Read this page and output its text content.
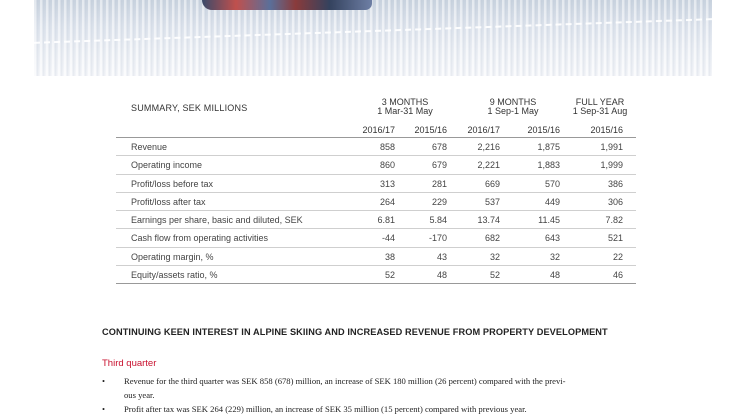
SUMMARY, SEK MILLIONS
3 MONTHS
1 Mar-31 May
9 MONTHS
1 Sep-1 May
FULL YEAR
1 Sep-31 Aug
2016/17	2015/16	2016/17	2015/16	2015/16
Revenue	858	678	2,216	1,875	1,991
Operating income	860	679	2,221	1,883	1,999
Profit/loss before tax	313	281	669	570	386
Profit/loss after tax	264	229	537	449	306
Earnings per share, basic and diluted, SEK	6.81	5.84	13.74	11.45	7.82
Cash flow from operating activities	-44	-170	682	643	521
Operating margin, %	38	43	32	32	22
Equity/assets ratio, %	52	48	52	48	46
CONTINUING KEEN INTEREST IN ALPINE SKIING AND INCREASED REVENUE FROM PROPERTY DEVELOPMENT
Third quarter
• Revenue for the third quarter was SEK 858 (678) million, an increase of SEK 180 million (26 percent) compared with the previ-
ous year.
• Profit after tax was SEK 264 (229) million, an increase of SEK 35 million (15 percent) compared with previous year.
